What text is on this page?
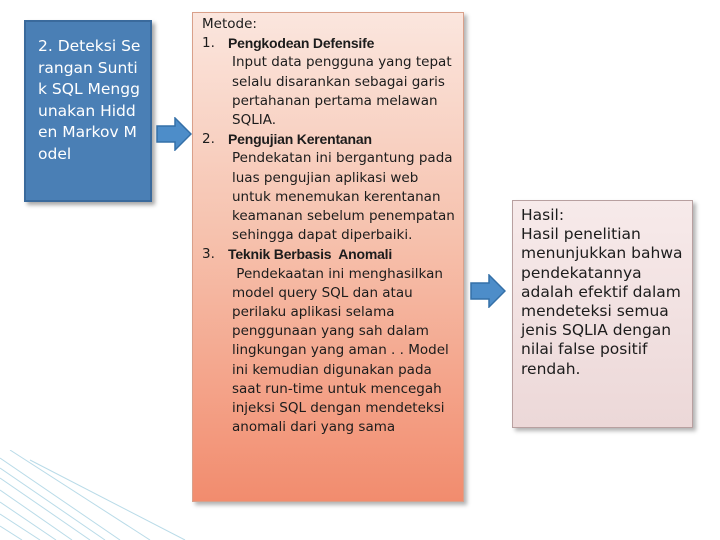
2. Deteksi Serangan Suntik SQL Menggunakan Hidden Markov Model

Metode:

1. Pengkodean Defensife

Input data pengguna yang tepat selalu disarankan sebagai garis pertahanan pertama melawan SQLIA.

2. Pengujian Kerentanan

Pendekatan ini bergantung pada luas pengujian aplikasi web untuk menemukan kerentanan keamanan sebelum penempatan sehingga dapat diperbaiki.

3. Teknik Berbasis  Anomali

Pendekaatan ini menghasilkan model query SQL dan atau perilaku aplikasi selama penggunaan yang sah dalam lingkungan yang aman . . Model ini kemudian digunakan pada saat run-time untuk mencegah injeksi SQL dengan mendeteksi anomali dari yang sama

Hasil:
Hasil penelitian menunjukkan bahwa pendekatannya adalah efektif dalam mendeteksi semua jenis SQLIA dengan nilai false positif rendah.
